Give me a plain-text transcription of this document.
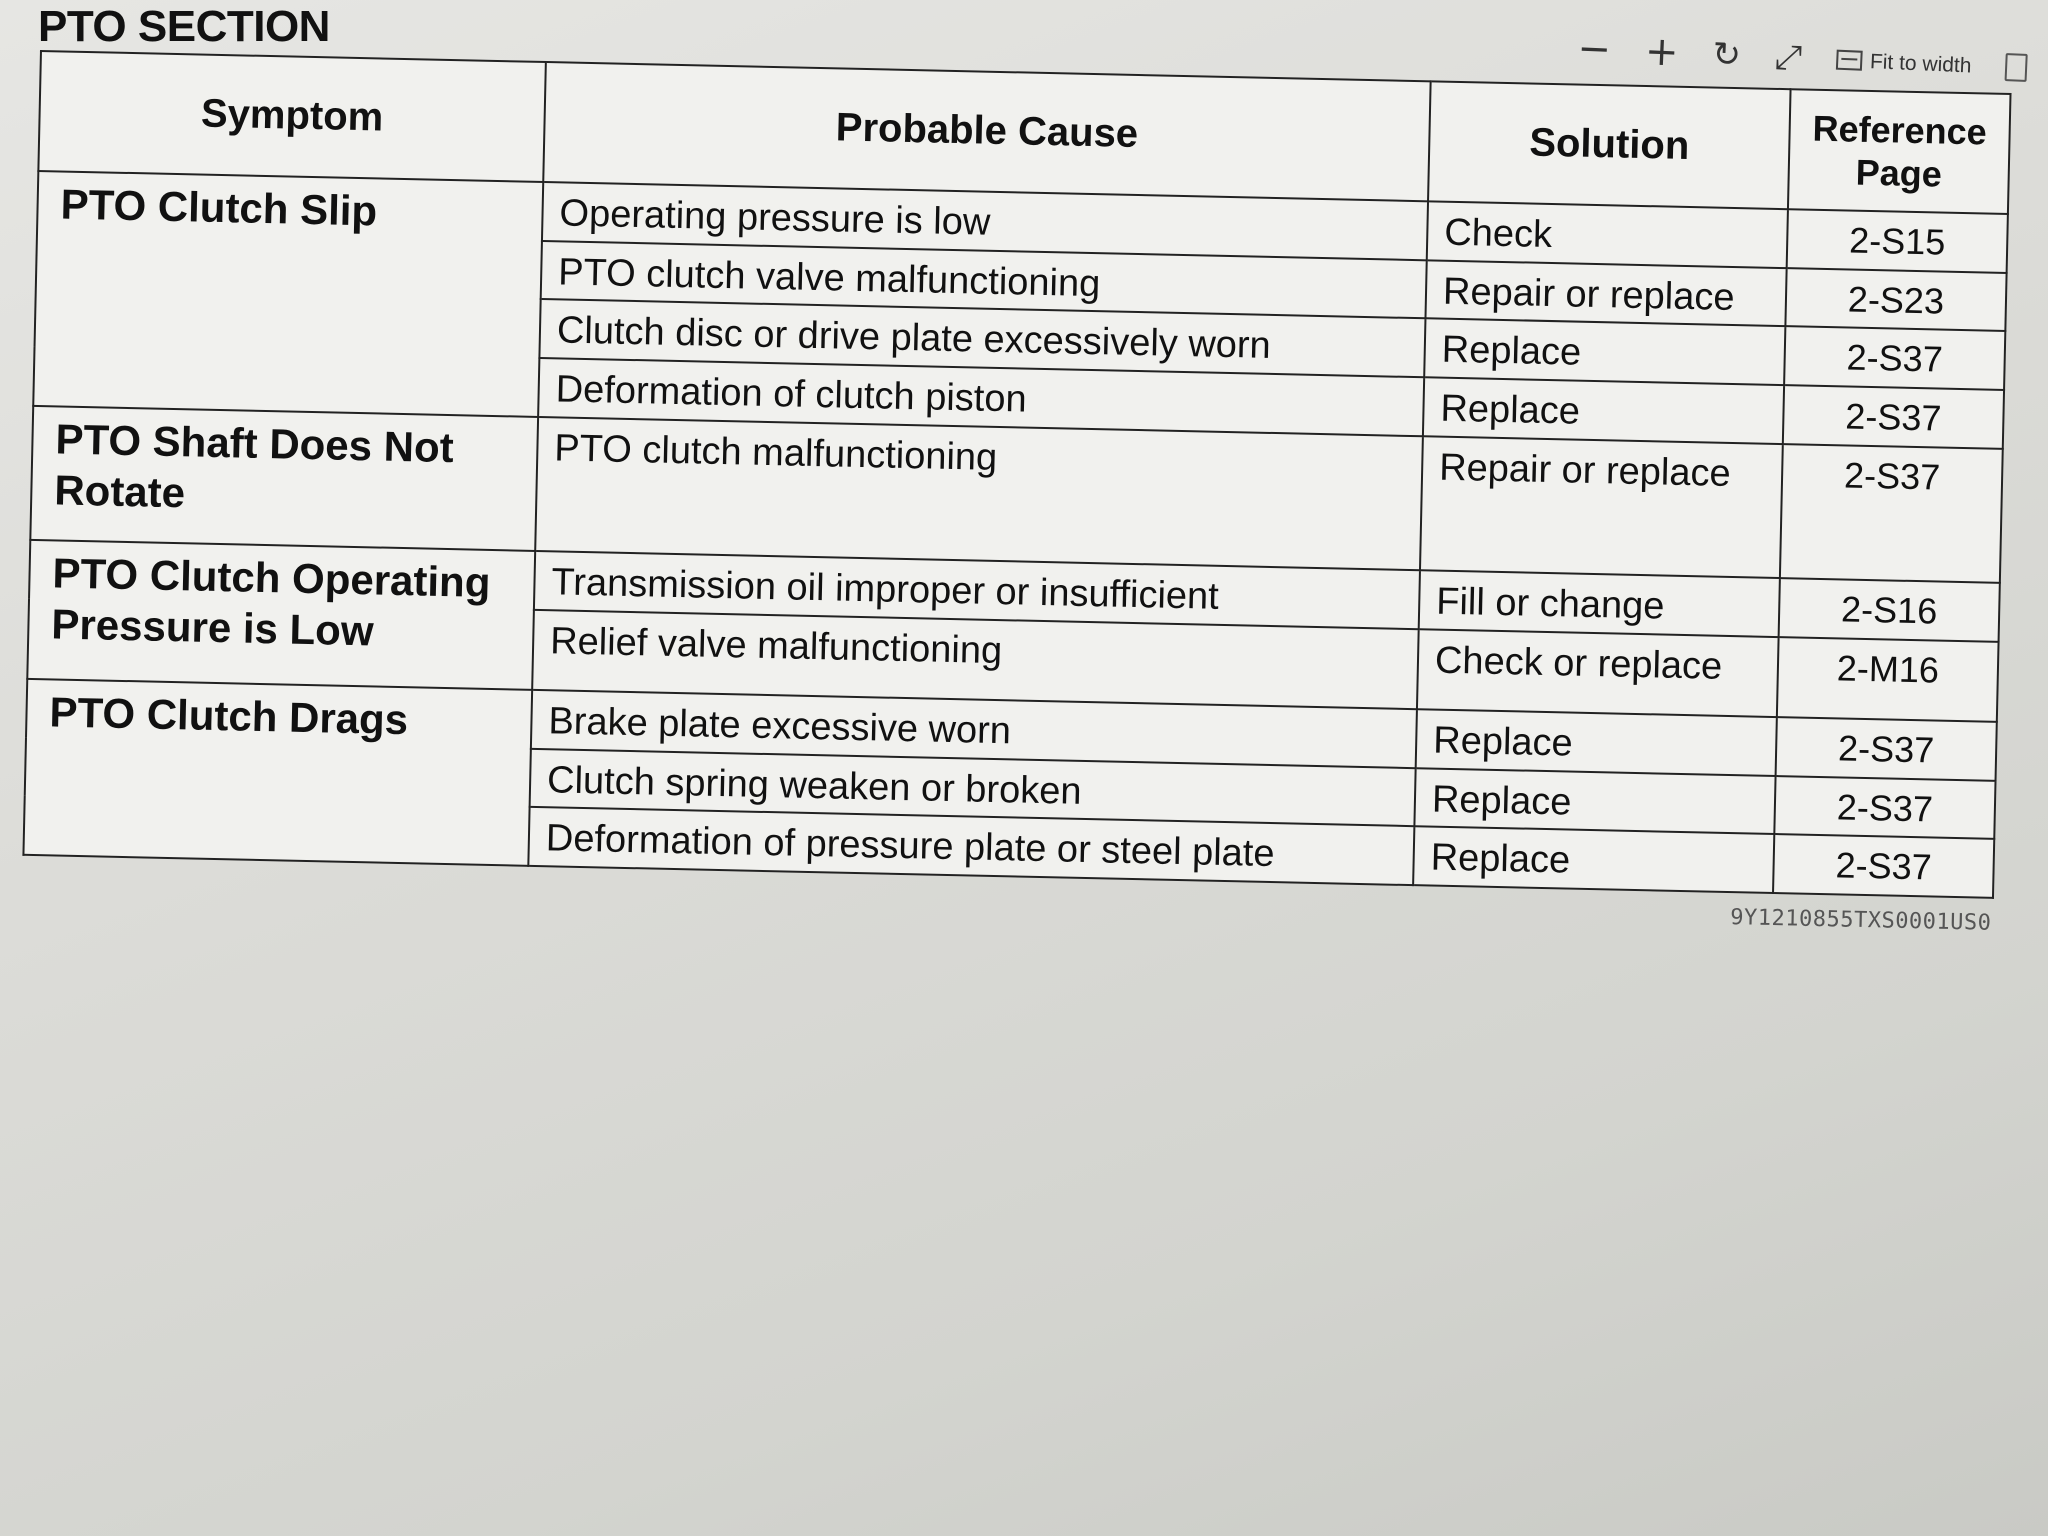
PTO SECTION	− + ↻ ⤢	Fit to width
Symptom	Probable Cause	Solution	Reference Page
PTO Clutch Slip	Operating pressure is low	Check	2-S15
	PTO clutch valve malfunctioning	Repair or replace	2-S23
	Clutch disc or drive plate excessively worn	Replace	2-S37
	Deformation of clutch piston	Replace	2-S37
PTO Shaft Does Not Rotate	PTO clutch malfunctioning	Repair or replace	2-S37
PTO Clutch Operating Pressure is Low	Transmission oil improper or insufficient	Fill or change	2-S16
	Relief valve malfunctioning	Check or replace	2-M16
PTO Clutch Drags	Brake plate excessive worn	Replace	2-S37
	Clutch spring weaken or broken	Replace	2-S37
	Deformation of pressure plate or steel plate	Replace	2-S37
9Y1210855TXS0001US0
